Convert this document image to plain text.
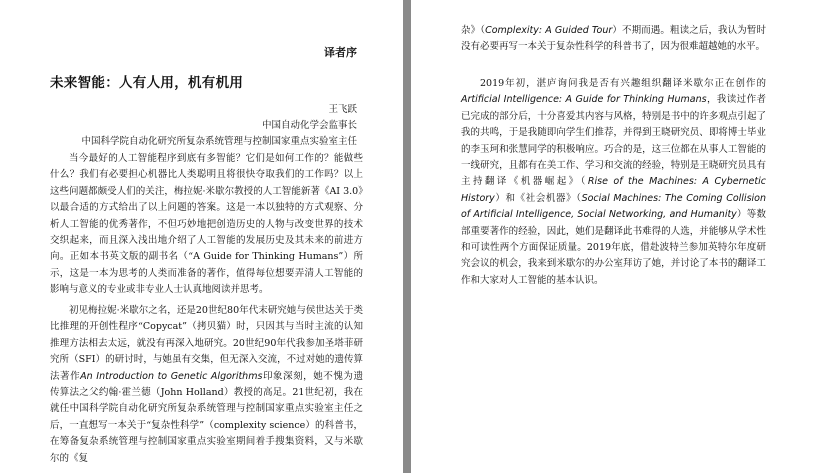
译者序
未来智能：人有人用，机有机用
王飞跃
中国自动化学会监事长
中国科学院自动化研究所复杂系统管理与控制国家重点实验室主任

当今最好的人工智能程序到底有多智能？它们是如何工作的？能做些什么？我们有必要担心机器比人类聪明且将很快夺取我们的工作吗？以上这些问题都颇受人们的关注，梅拉妮·米歇尔教授的人工智能新著《AI 3.0》以最合适的方式给出了以上问题的答案。这是一本以独特的方式观察、分析人工智能的优秀著作，不但巧妙地把创造历史的人物与改变世界的技术交织起来，而且深入浅出地介绍了人工智能的发展历史及其未来的前进方向。正如本书英文版的副书名（“A Guide for Thinking Humans”）所示，这是一本为思考的人类而准备的著作，值得每位想要弄清人工智能的影响与意义的专业或非专业人士认真地阅读并思考。

初见梅拉妮·米歇尔之名，还是20世纪80年代末研究她与侯世达关于类比推理的开创性程序“Copycat”（拷贝猫）时，只因其与当时主流的认知推理方法相去太远，就没有再深入地研究。20世纪90年代我参加圣塔菲研究所（SFI）的研讨时，与她虽有交集，但无深入交流，不过对她的遗传算法著作An Introduction to Genetic Algorithms印象深刻，她不愧为遗传算法之父约翰·霍兰德（John Holland）教授的高足。21世纪初，我在就任中国科学院自动化研究所复杂系统管理与控制国家重点实验室主任之后，一直想写一本关于“复杂性科学”（complexity science）的科普书，在筹备复杂系统管理与控制国家重点实验室期间着手搜集资料，又与米歇尔的《复

杂》（Complexity: A Guided Tour）不期而遇。粗读之后，我认为暂时没有必要再写一本关于复杂性科学的科普书了，因为很难超越她的水平。

2019年初，湛庐询问我是否有兴趣组织翻译米歇尔正在创作的Artificial Intelligence: A Guide for Thinking Humans，我读过作者已完成的部分后，十分喜爱其内容与风格，特别是书中的许多观点引起了我的共鸣，于是我随即向学生们推荐，并得到王晓研究员、即将博士毕业的李玉珂和张慧同学的积极响应。巧合的是，这三位都在从事人工智能的一线研究，且都有在美工作、学习和交流的经验，特别是王晓研究员具有主持翻译《机器崛起》（Rise of the Machines: A Cybernetic History）和《社会机器》（Social Machines: The Coming Collision of Artificial Intelligence, Social Networking, and Humanity）等数部重要著作的经验，因此，她们是翻译此书难得的人选，并能够从学术性和可读性两个方面保证质量。2019年底，借赴波特兰参加英特尔年度研究会议的机会，我来到米歇尔的办公室拜访了她，并讨论了本书的翻译工作和大家对人工智能的基本认识。
